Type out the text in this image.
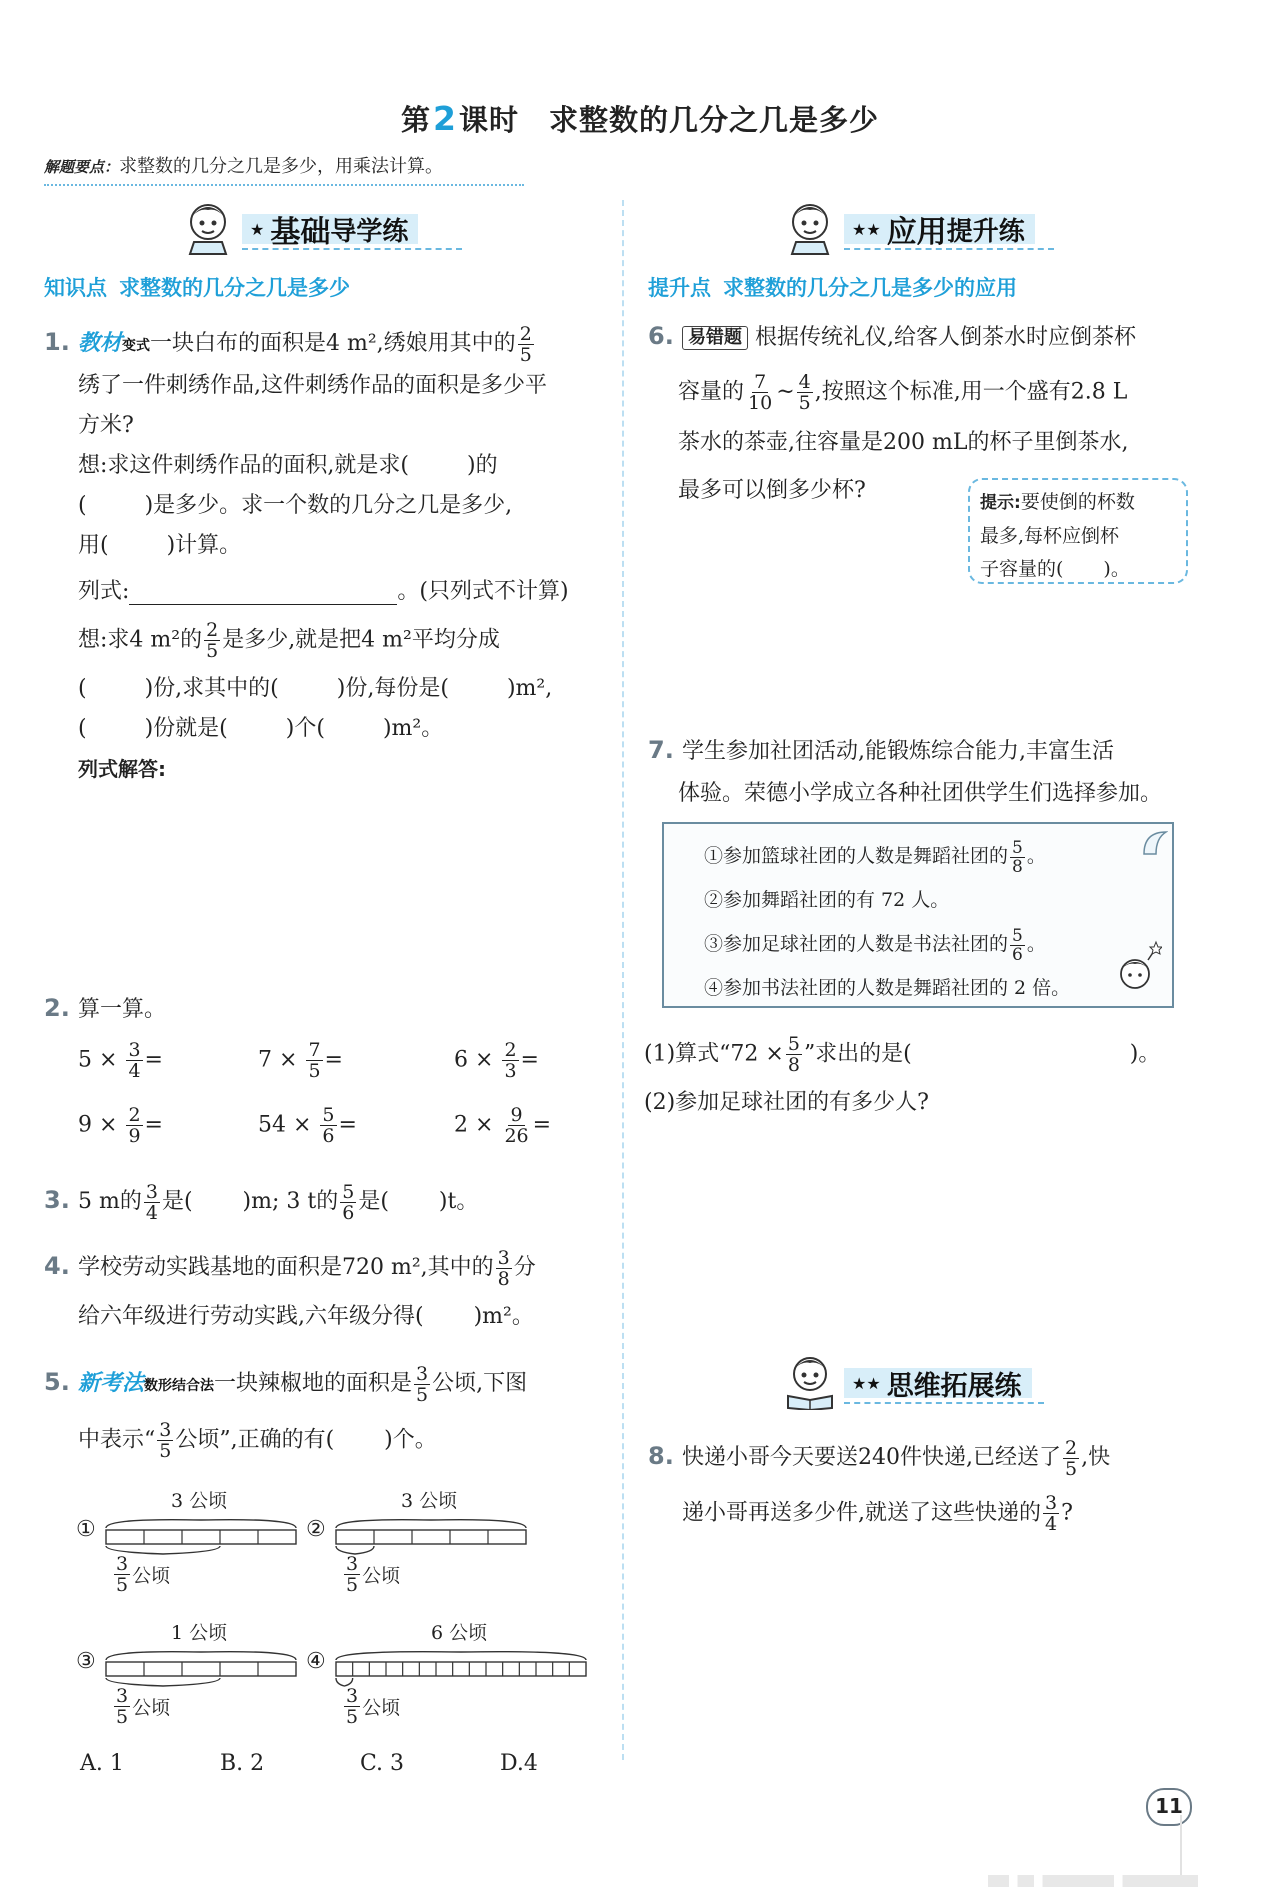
第2课时 求整数的几分之几是多少
解题要点：求整数的几分之几是多少，用乘法计算。
★ 基础 导学练
知识点 求整数的几分之几是多少
1. 教材变式一块白布的面积是4 m²,绣娘用其中的 $\frac{2}{5}$
绣了一件刺绣作品,这件刺绣作品的面积是多少平
方米?
想:求这件刺绣作品的面积,就是求(	)的
(	)是多少。求一个数的几分之几是多少,
用(	)计算。
列式:	。(只列式不计算)
想:求4 m²的 $\frac{2}{5}$ 是多少,就是把4 m²平均分成
(	)份,求其中的(	)份,每份是(	)m²,
(	)份就是(	)个(	)m²。
列式解答:
2. 算一算。
$5 \times \frac{3}{4}$ =	$7 \times \frac{7}{5}$ =	$6 \times \frac{2}{3}$ =
$9 \times \frac{2}{9}$ =	$54 \times \frac{5}{6}$ =	$2 \times \frac{9}{26}$ =
3. 5 m的 $\frac{3}{4}$ 是( )m; 3 t的 $\frac{5}{6}$ 是( )t。
4. 学校劳动实践基地的面积是720 m²,其中的 $\frac{3}{8}$ 分
给六年级进行劳动实践,六年级分得( )m²。
5. 新考法数形结合法一块辣椒地的面积是 $\frac{3}{5}$ 公顷,下图
中表示“ $\frac{3}{5}$ 公顷”,正确的有( )个。
①
3 公顷
$\frac{3}{5}$ 公顷
②
3 公顷
$\frac{3}{5}$ 公顷
③
1 公顷
$\frac{3}{5}$ 公顷
④
6 公顷
$\frac{3}{5}$ 公顷
A. 1	B. 2	C. 3	D.4
★★ 应用 提升练
提升点 求整数的几分之几是多少的应用
6. 易错题 根据传统礼仪,给客人倒茶水时应倒茶杯
容量的 $\frac{7}{10}$ ~ $\frac{4}{5}$ ,按照这个标准,用一个盛有2.8 L
茶水的茶壶,往容量是200 mL的杯子里倒茶水,
最多可以倒多少杯?	提示:要使倒的杯数
最多,每杯应倒杯
子容量的( )。
7. 学生参加社团活动,能锻炼综合能力,丰富生活
体验。荣德小学成立各种社团供学生们选择参加。
①参加篮球社团的人数是舞蹈社团的 $\frac{5}{8}$ 。
②参加舞蹈社团的有 72 人。
③参加足球社团的人数是书法社团的 $\frac{5}{6}$ 。
④参加书法社团的人数是舞蹈社团的 2 倍。
(1)算式“$72 \times \frac{5}{8}$ ”求出的是(	)。
(2)参加足球社团的有多少人?
★★ 思维拓展练
8. 快递小哥今天要送240件快递,已经送了 $\frac{2}{5}$ ,快
递小哥再送多少件,就送了这些快递的 $\frac{3}{4}$ ?
11
